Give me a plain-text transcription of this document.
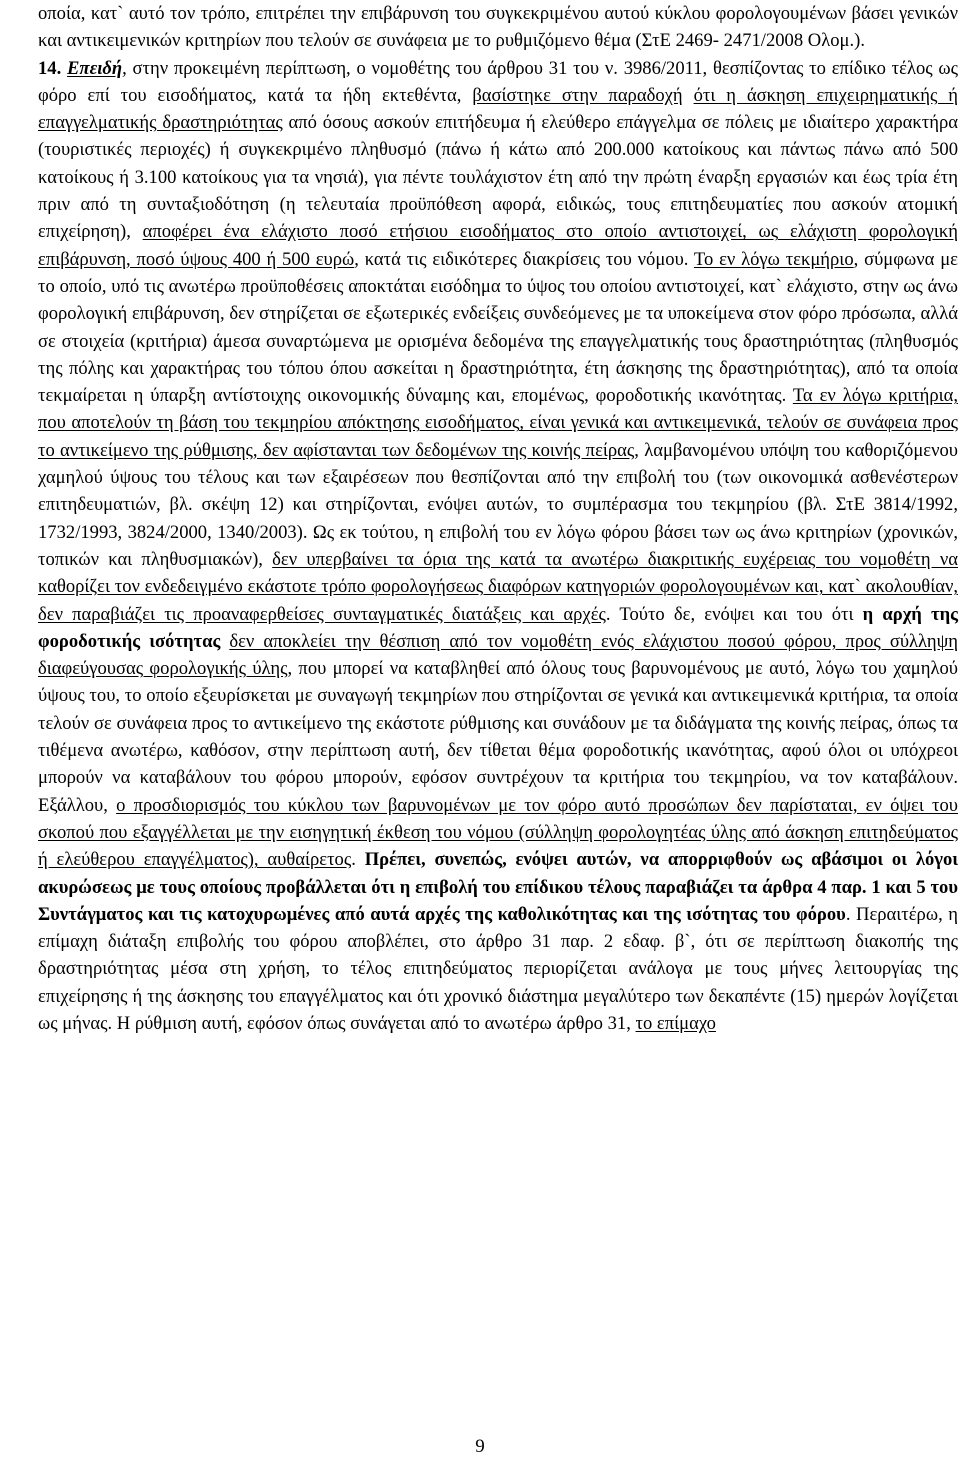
οποία, κατ` αυτό τον τρόπο, επιτρέπει την επιβάρυνση του συγκεκριμένου αυτού κύκλου φορολογουμένων βάσει γενικών και αντικειμενικών κριτηρίων που τελούν σε συνάφεια με το ρυθμιζόμενο θέμα (ΣτΕ 2469- 2471/2008 Ολομ.).

14. Επειδή, στην προκειμένη περίπτωση, ο νομοθέτης του άρθρου 31 του ν. 3986/2011, θεσπίζοντας το επίδικο τέλος ως φόρο επί του εισοδήματος, κατά τα ήδη εκτεθέντα, βασίστηκε στην παραδοχή ότι η άσκηση επιχειρηματικής ή επαγγελματικής δραστηριότητας από όσους ασκούν επιτήδευμα ή ελεύθερο επάγγελμα σε πόλεις με ιδιαίτερο χαρακτήρα (τουριστικές περιοχές) ή συγκεκριμένο πληθυσμό (πάνω ή κάτω από 200.000 κατοίκους και πάντως πάνω από 500 κατοίκους ή 3.100 κατοίκους για τα νησιά), για πέντε τουλάχιστον έτη από την πρώτη έναρξη εργασιών και έως τρία έτη πριν από τη συνταξιοδότηση (η τελευταία προϋπόθεση αφορά, ειδικώς, τους επιτηδευματίες που ασκούν ατομική επιχείρηση), αποφέρει ένα ελάχιστο ποσό ετήσιου εισοδήματος στο οποίο αντιστοιχεί, ως ελάχιστη φορολογική επιβάρυνση, ποσό ύψους 400 ή 500 ευρώ, κατά τις ειδικότερες διακρίσεις του νόμου. Το εν λόγω τεκμήριο, σύμφωνα με το οποίο, υπό τις ανωτέρω προϋποθέσεις αποκτάται εισόδημα το ύψος του οποίου αντιστοιχεί, κατ` ελάχιστο, στην ως άνω φορολογική επιβάρυνση, δεν στηρίζεται σε εξωτερικές ενδείξεις συνδεόμενες με τα υποκείμενα στον φόρο πρόσωπα, αλλά σε στοιχεία (κριτήρια) άμεσα συναρτώμενα με ορισμένα δεδομένα της επαγγελματικής τους δραστηριότητας (πληθυσμός της πόλης και χαρακτήρας του τόπου όπου ασκείται η δραστηριότητα, έτη άσκησης της δραστηριότητας), από τα οποία τεκμαίρεται η ύπαρξη αντίστοιχης οικονομικής δύναμης και, επομένως, φοροδοτικής ικανότητας. Τα εν λόγω κριτήρια, που αποτελούν τη βάση του τεκμηρίου απόκτησης εισοδήματος, είναι γενικά και αντικειμενικά, τελούν σε συνάφεια προς το αντικείμενο της ρύθμισης, δεν αφίστανται των δεδομένων της κοινής πείρας, λαμβανομένου υπόψη του καθοριζόμενου χαμηλού ύψους του τέλους και των εξαιρέσεων που θεσπίζονται από την επιβολή του (των οικονομικά ασθενέστερων επιτηδευματιών, βλ. σκέψη 12) και στηρίζονται, ενόψει αυτών, το συμπέρασμα του τεκμηρίου (βλ. ΣτΕ 3814/1992, 1732/1993, 3824/2000, 1340/2003). Ως εκ τούτου, η επιβολή του εν λόγω φόρου βάσει των ως άνω κριτηρίων (χρονικών, τοπικών και πληθυσμιακών), δεν υπερβαίνει τα όρια της κατά τα ανωτέρω διακριτικής ευχέρειας του νομοθέτη να καθορίζει τον ενδεδειγμένο εκάστοτε τρόπο φορολογήσεως διαφόρων κατηγοριών φορολογουμένων και, κατ` ακολουθίαν, δεν παραβιάζει τις προαναφερθείσες συνταγματικές διατάξεις και αρχές. Τούτο δε, ενόψει και του ότι η αρχή της φοροδοτικής ισότητας δεν αποκλείει την θέσπιση από τον νομοθέτη ενός ελάχιστου ποσού φόρου, προς σύλληψη διαφεύγουσας φορολογικής ύλης, που μπορεί να καταβληθεί από όλους τους βαρυνομένους με αυτό, λόγω του χαμηλού ύψους του, το οποίο εξευρίσκεται με συναγωγή τεκμηρίων που στηρίζονται σε γενικά και αντικειμενικά κριτήρια, τα οποία τελούν σε συνάφεια προς το αντικείμενο της εκάστοτε ρύθμισης και συνάδουν με τα διδάγματα της κοινής πείρας, όπως τα τιθέμενα ανωτέρω, καθόσον, στην περίπτωση αυτή, δεν τίθεται θέμα φοροδοτικής ικανότητας, αφού όλοι οι υπόχρεοι μπορούν να καταβάλουν του φόρου μπορούν, εφόσον συντρέχουν τα κριτήρια του τεκμηρίου, να τον καταβάλουν. Εξάλλου, ο προσδιορισμός του κύκλου των βαρυνομένων με τον φόρο αυτό προσώπων δεν παρίσταται, εν όψει του σκοπού που εξαγγέλλεται με την εισηγητική έκθεση του νόμου (σύλληψη φορολογητέας ύλης από άσκηση επιτηδεύματος ή ελεύθερου επαγγέλματος), αυθαίρετος. Πρέπει, συνεπώς, ενόψει αυτών, να απορριφθούν ως αβάσιμοι οι λόγοι ακυρώσεως με τους οποίους προβάλλεται ότι η επιβολή του επίδικου τέλους παραβιάζει τα άρθρα 4 παρ. 1 και 5 του Συντάγματος και τις κατοχυρωμένες από αυτά αρχές της καθολικότητας και της ισότητας του φόρου. Περαιτέρω, η επίμαχη διάταξη επιβολής του φόρου αποβλέπει, στο άρθρο 31 παρ. 2 εδαφ. β`, ότι σε περίπτωση διακοπής της δραστηριότητας μέσα στη χρήση, το τέλος επιτηδεύματος περιορίζεται ανάλογα με τους μήνες λειτουργίας της επιχείρησης ή της άσκησης του επαγγέλματος και ότι χρονικό διάστημα μεγαλύτερο των δεκαπέντε (15) ημερών λογίζεται ως μήνας. Η ρύθμιση αυτή, εφόσον όπως συνάγεται από το ανωτέρω άρθρο 31, το επίμαχο

9
